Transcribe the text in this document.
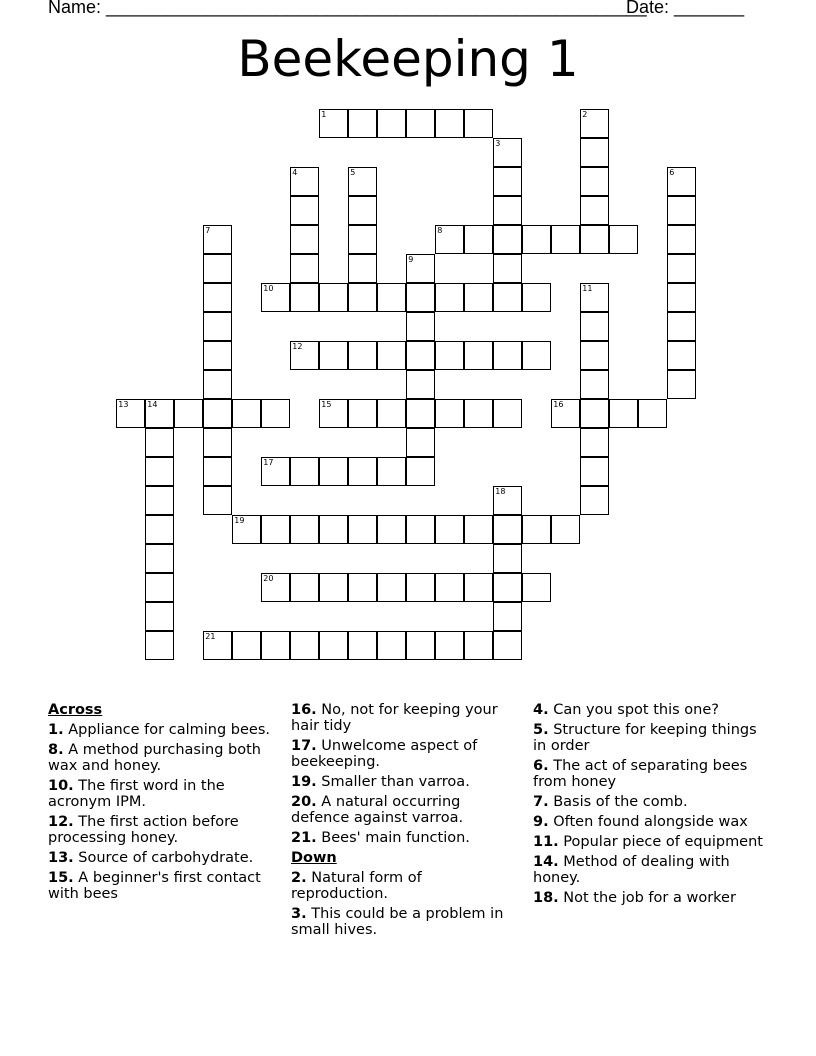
Name: ______________________________________________________
Date: _______
Beekeeping 1
1	2
3
4	5	6
7	8
9
10	11
12
13 14	15	16
17
18
19
20
21
Across
1. Appliance for calming bees.
8. A method purchasing both wax and honey.
10. The first word in the acronym IPM.
12. The first action before processing honey.
13. Source of carbohydrate.
15. A beginner's first contact with bees
16. No, not for keeping your hair tidy
17. Unwelcome aspect of beekeeping.
19. Smaller than varroa.
20. A natural occurring defence against varroa.
21. Bees' main function.
Down
2. Natural form of reproduction.
3. This could be a problem in small hives.
4. Can you spot this one?
5. Structure for keeping things in order
6. The act of separating bees from honey
7. Basis of the comb.
9. Often found alongside wax
11. Popular piece of equipment
14. Method of dealing with honey.
18. Not the job for a worker
